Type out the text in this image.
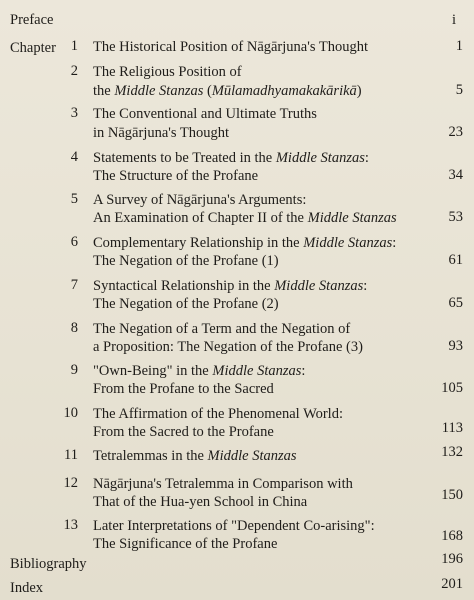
Preface	i
Chapter	1 The Historical Position of Nāgārjuna's Thought	1
2 The Religious Position of
the Middle Stanzas (Mūlamadhyamakakārikā)	5
3 The Conventional and Ultimate Truths
in Nāgārjuna's Thought	23
4 Statements to be Treated in the Middle Stanzas:
The Structure of the Profane	34
5 A Survey of Nāgārjuna's Arguments:
An Examination of Chapter II of the Middle Stanzas	53
6 Complementary Relationship in the Middle Stanzas:
The Negation of the Profane (1)	61
7 Syntactical Relationship in the Middle Stanzas:
The Negation of the Profane (2)	65
8 The Negation of a Term and the Negation of
a Proposition: The Negation of the Profane (3)	93
9 "Own-Being" in the Middle Stanzas:
From the Profane to the Sacred	105
10 The Affirmation of the Phenomenal World:
From the Sacred to the Profane	113
11 Tetralemmas in the Middle Stanzas	132
12 Nāgārjuna's Tetralemma in Comparison with
That of the Hua-yen School in China	150
13 Later Interpretations of "Dependent Co-arising":
The Significance of the Profane	168
Bibliography	196
Index	201
